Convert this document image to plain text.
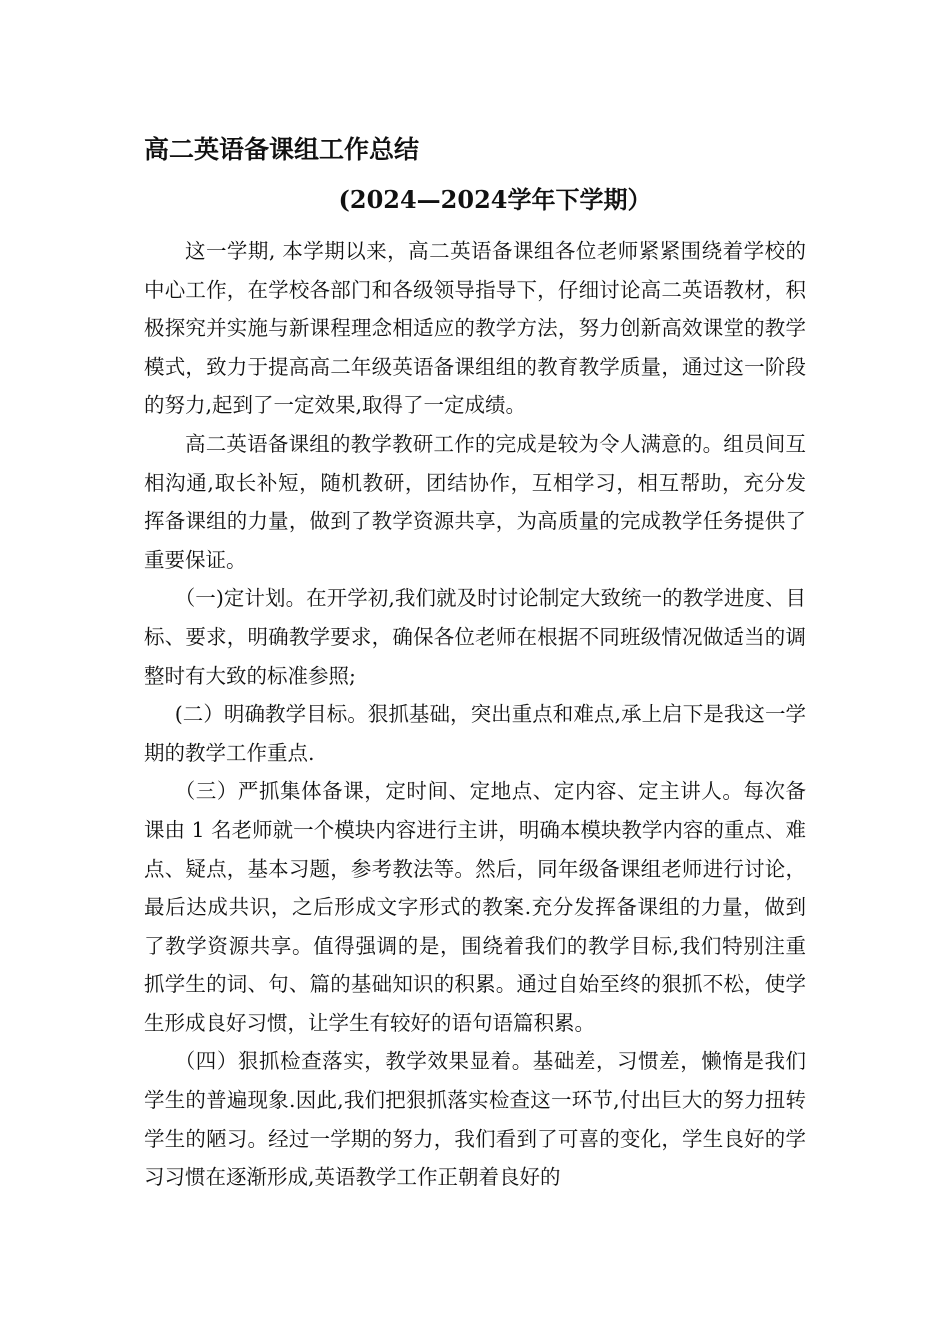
高二英语备课组工作总结
(2024—2024学年下学期）

这一学期, 本学期以来，高二英语备课组各位老师紧紧围绕着学校的中心工作，在学校各部门和各级领导指导下，仔细讨论高二英语教材，积极探究并实施与新课程理念相适应的教学方法，努力创新高效课堂的教学模式，致力于提高高二年级英语备课组组的教育教学质量，通过这一阶段的努力,起到了一定效果,取得了一定成绩。

高二英语备课组的教学教研工作的完成是较为令人满意的。组员间互相沟通,取长补短，随机教研，团结协作，互相学习，相互帮助，充分发挥备课组的力量，做到了教学资源共享，为高质量的完成教学任务提供了重要保证。

（一)定计划。在开学初,我们就及时讨论制定大致统一的教学进度、目标、要求，明确教学要求，确保各位老师在根据不同班级情况做适当的调整时有大致的标准参照;

(二）明确教学目标。狠抓基础，突出重点和难点,承上启下是我这一学期的教学工作重点.

（三）严抓集体备课，定时间、定地点、定内容、定主讲人。每次备课由 1 名老师就一个模块内容进行主讲，明确本模块教学内容的重点、难点、疑点，基本习题，参考教法等。然后，同年级备课组老师进行讨论，最后达成共识，之后形成文字形式的教案.充分发挥备课组的力量，做到了教学资源共享。值得强调的是，围绕着我们的教学目标,我们特别注重抓学生的词、句、篇的基础知识的积累。通过自始至终的狠抓不松，使学生形成良好习惯，让学生有较好的语句语篇积累。

（四）狠抓检查落实，教学效果显着。基础差，习惯差，懒惰是我们学生的普遍现象.因此,我们把狠抓落实检查这一环节,付出巨大的努力扭转学生的陋习。经过一学期的努力，我们看到了可喜的变化，学生良好的学习习惯在逐渐形成,英语教学工作正朝着良好的
